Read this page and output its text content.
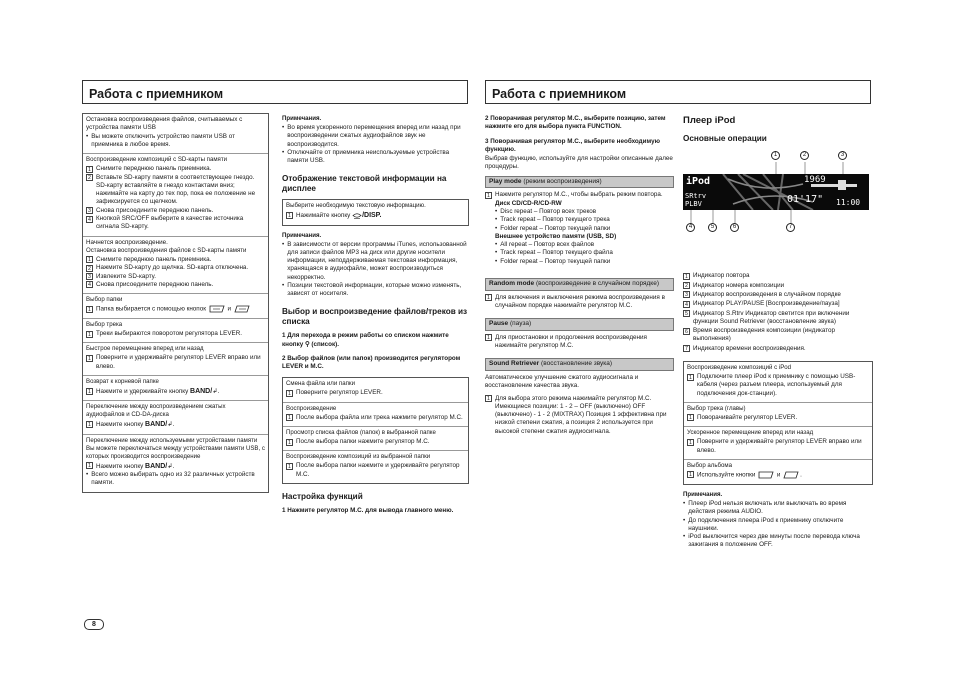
Работа с приемником	Работа с приемником
Остановка воспроизведения файлов, считываемых с устройства памяти USB
• Вы можете отключить устройство памяти USB от приемника в любое время.
Воспроизведение композиций с SD-карты памяти
1 Снимите переднюю панель приемника.
2 Вставьте SD-карту памяти в соответствующее гнездо. SD-карту вставляйте в гнездо контактами вниз; нажимайте на карту до тех пор, пока ее положение не зафиксируется со щелчком.
3 Снова присоедините переднюю панель.
4 Кнопкой SRC/OFF выберите в качестве источника сигнала SD-карту.
Начнется воспроизведение.
Остановка воспроизведения файлов с SD-карты памяти
1 Снимите переднюю панель приемника.
2 Нажмите SD-карту до щелчка. SD-карта отключена.
3 Извлеките SD-карту.
4 Снова присоедините переднюю панель.
Выбор папки
1 Папка выбирается с помощью кнопок	и
Выбор трека
1 Треки выбираются поворотом регулятора LEVER.
Быстрое перемещение вперед или назад
1 Поверните и удерживайте регулятор LEVER вправо или влево.
Возврат к корневой папке
1 Нажмите и удерживайте кнопку BAND/↲.
Переключение между воспроизведением сжатых аудиофайлов и CD-DA-диска
1 Нажмите кнопку BAND/↲.
Переключение между используемыми устройствами памяти Вы можете переключаться между устройствами памяти USB, с которых производится воспроизведение
1 Нажмите кнопку BAND/↲.
• Всего можно выбирать одно из 32 различных устройств памяти.
Примечания.
• Во время ускоренного перемещения вперед или назад при воспроизведении сжатых аудиофайлов звук не воспроизводится.
• Отключайте от приемника неиспользуемые устройства памяти USB.
Отображение текстовой информации на дисплее
Выберите необходимую текстовую информацию.
1 Нажимайте кнопку /DISP.
Примечания.
• В зависимости от версии программы iTunes, использованной для записи файлов MP3 на диск или другие носители информации, неподдерживаемая текстовая информация, хранящаяся в аудиофайле, может воспроизводиться некорректно.
• Позиции текстовой информации, которые можно изменять, зависят от носителя.
Выбор и воспроизведение файлов/треков из списка
1 Для перехода в режим работы со списком нажмите кнопку ⚲ (список).
2 Выбор файлов (или папок) производится регулятором LEVER и M.C.
Смена файла или папки
1 Поверните регулятор LEVER.
Воспроизведение
1 После выбора файла или трека нажмите регулятор M.C.
Просмотр списка файлов (папок) в выбранной папке
1 После выбора папки нажмите регулятор M.C.
Воспроизведение композиций из выбранной папки
1 После выбора папки нажмите и удерживайте регулятор M.C.
Настройка функций
1 Нажмите регулятор M.C. для вывода главного меню.
2 Поворачивая регулятор M.C., выберите позицию, затем нажмите его для выбора пункта FUNCTION.
3 Поворачивая регулятор M.C., выберите необходимую функцию.
Выбрав функцию, используйте для настройки описанные далее процедуры.
Play mode (режим воспроизведения)
1 Нажмите регулятор M.C., чтобы выбрать режим повтора.
Диск CD/CD-R/CD-RW
• Disc repeat – Повтор всех треков
• Track repeat – Повтор текущего трека
• Folder repeat – Повтор текущей папки
Внешнее устройство памяти (USB, SD)
• All repeat – Повтор всех файлов
• Track repeat – Повтор текущего файла
• Folder repeat – Повтор текущей папки
Random mode (воспроизведение в случайном порядке)
1 Для включения и выключения режима воспроизведения в случайном порядке нажимайте регулятор M.C.
Pause (пауза)
1 Для приостановки и продолжения воспроизведения нажимайте регулятор M.C.
Sound Retriever (восстановление звука)
Автоматическое улучшение сжатого аудиосигнала и восстановление качества звука.
1 Для выбора этого режима нажимайте регулятор M.C. Имеющиеся позиции: 1 - 2 – OFF (выключено) OFF (выключено) - 1 - 2 (MIXTRAX) Позиция 1 эффективна при низкой степени сжатия, а позиция 2 используется при высокой степени сжатия аудиосигнала.
Плеер iPod
Основные операции
1	2	3
iPod	1969
SRtrv
PLBV	01'17" 11:00
4	5	6	7
1 Индикатор повтора
2 Индикатор номера композиции
3 Индикатор воспроизведения в случайном порядке
4 Индикатор PLAY/PAUSE [Воспроизведение/пауза]
5 Индикатор S.Rtrv Индикатор светится при включении функции Sound Retriever (восстановление звука)
6 Время воспроизведения композиции (индикатор выполнения)
7 Индикатор времени воспроизведения.
Воспроизведение композиций с iPod
1 Подключите плеер iPod к приемнику с помощью USB-кабеля (через разъем плеера, используемый для подключения док-станции).
Выбор трека (главы)
1 Поворачивайте регулятор LEVER.
Ускоренное перемещение вперед или назад
1 Поверните и удерживайте регулятор LEVER вправо или влево.
Выбор альбома
1 Используйте кнопки	и	.
Примечания.
• Плеер iPod нельзя включать или выключать во время действия режима AUDIO.
• До подключения плеера iPod к приемнику отключите наушники.
• iPod выключится через две минуты после перевода ключа зажигания в положение OFF.
8
